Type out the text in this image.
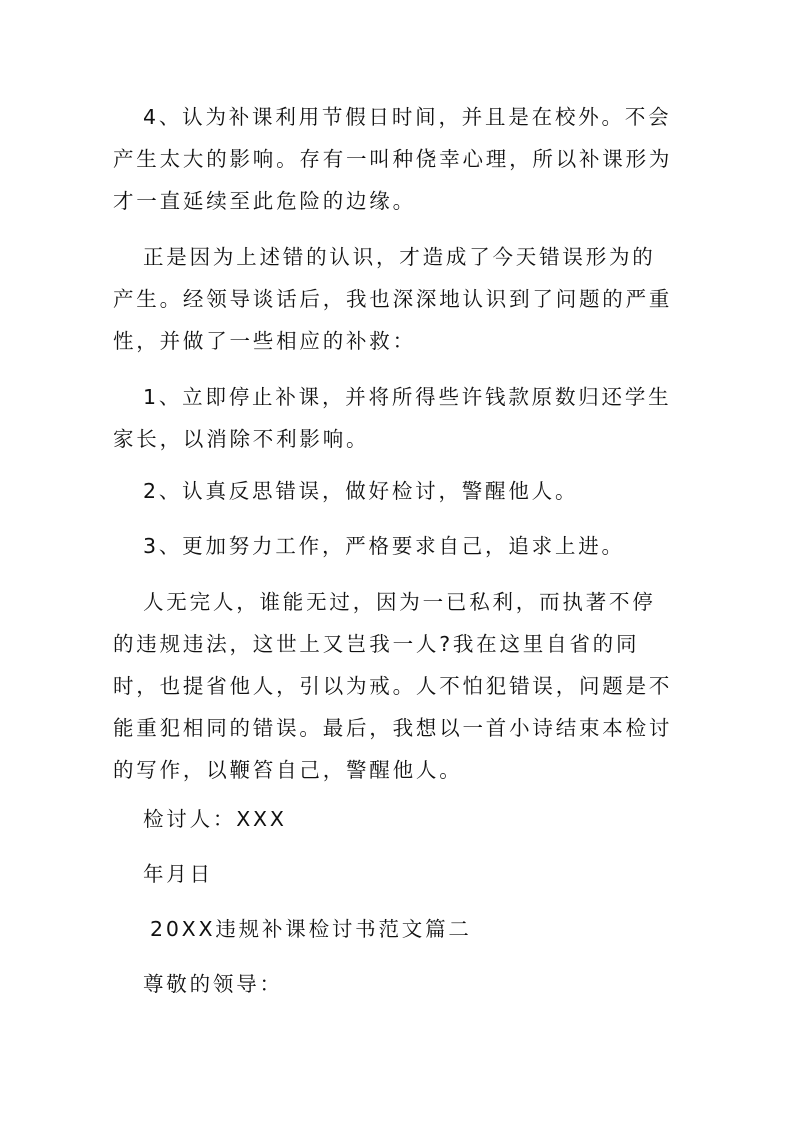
4、认为补课利用节假日时间，并且是在校外。不会产生太大的影响。存有一叫种侥幸心理，所以补课形为才一直延续至此危险的边缘。

正是因为上述错的认识，才造成了今天错误形为的产生。经领导谈话后，我也深深地认识到了问题的严重性，并做了一些相应的补救：

1、立即停止补课，并将所得些许钱款原数归还学生家长，以消除不利影响。

2、认真反思错误，做好检讨，警醒他人。

3、更加努力工作，严格要求自己，追求上进。

人无完人，谁能无过，因为一已私利，而执著不停的违规违法，这世上又岂我一人?我在这里自省的同时，也提省他人，引以为戒。人不怕犯错误，问题是不能重犯相同的错误。最后，我想以一首小诗结束本检讨的写作，以鞭笞自己，警醒他人。

检讨人：XXX

年月日

20XX违规补课检讨书范文篇二

尊敬的领导：
